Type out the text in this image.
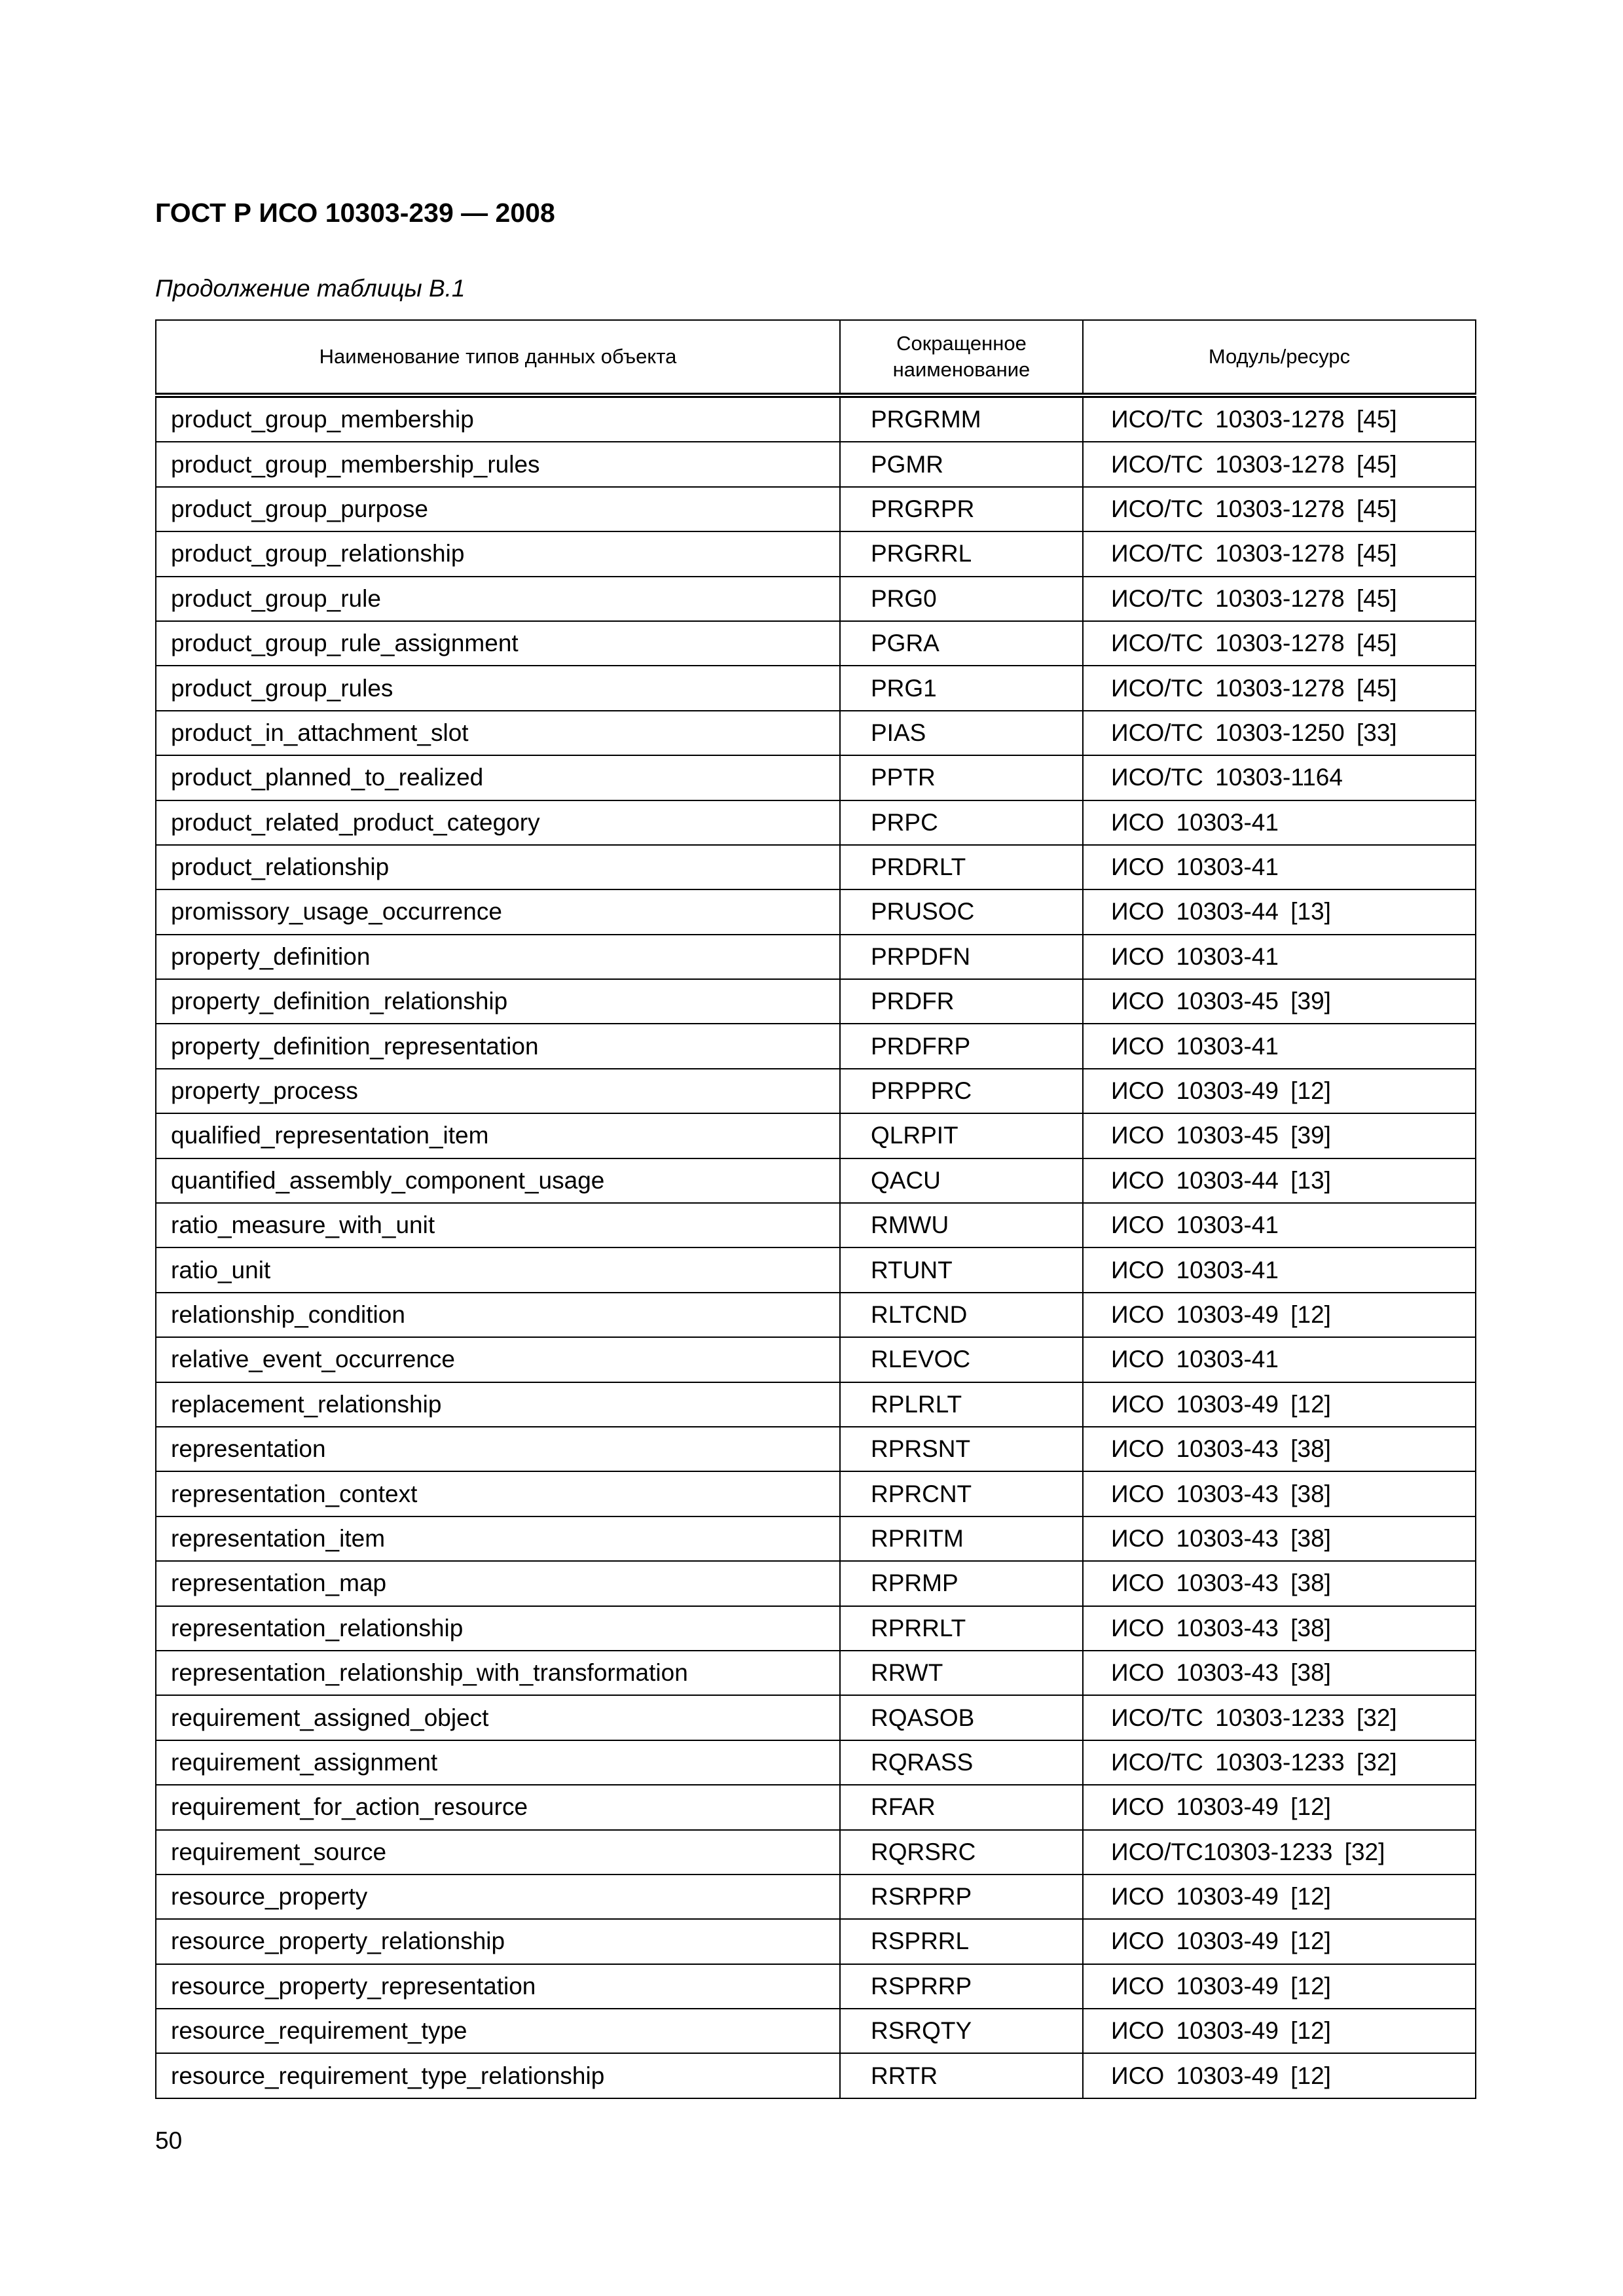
ГОСТ Р ИСО 10303-239 — 2008
Продолжение таблицы В.1
Наименование типов данных объекта	Сокращенное наименование	Модуль/ресурс
product_group_membership	PRGRMM	ИСО/ТС 10303-1278 [45]
product_group_membership_rules	PGMR	ИСО/ТС 10303-1278 [45]
product_group_purpose	PRGRPR	ИСО/ТС 10303-1278 [45]
product_group_relationship	PRGRRL	ИСО/ТС 10303-1278 [45]
product_group_rule	PRG0	ИСО/ТС 10303-1278 [45]
product_group_rule_assignment	PGRA	ИСО/ТС 10303-1278 [45]
product_group_rules	PRG1	ИСО/ТС 10303-1278 [45]
product_in_attachment_slot	PIAS	ИСО/ТС 10303-1250 [33]
product_planned_to_realized	PPTR	ИСО/ТС 10303-1164
product_related_product_category	PRPC	ИСО 10303-41
product_relationship	PRDRLT	ИСО 10303-41
promissory_usage_occurrence	PRUSOC	ИСО 10303-44 [13]
property_definition	PRPDFN	ИСО 10303-41
property_definition_relationship	PRDFR	ИСО 10303-45 [39]
property_definition_representation	PRDFRP	ИСО 10303-41
property_process	PRPPRC	ИСО 10303-49 [12]
qualified_representation_item	QLRPIT	ИСО 10303-45 [39]
quantified_assembly_component_usage	QACU	ИСО 10303-44 [13]
ratio_measure_with_unit	RMWU	ИСО 10303-41
ratio_unit	RTUNT	ИСО 10303-41
relationship_condition	RLTCND	ИСО 10303-49 [12]
relative_event_occurrence	RLEVOC	ИСО 10303-41
replacement_relationship	RPLRLT	ИСО 10303-49 [12]
representation	RPRSNT	ИСО 10303-43 [38]
representation_context	RPRCNT	ИСО 10303-43 [38]
representation_item	RPRITM	ИСО 10303-43 [38]
representation_map	RPRMP	ИСО 10303-43 [38]
representation_relationship	RPRRLT	ИСО 10303-43 [38]
representation_relationship_with_transformation	RRWT	ИСО 10303-43 [38]
requirement_assigned_object	RQASOB	ИСО/ТС 10303-1233 [32]
requirement_assignment	RQRASS	ИСО/ТС 10303-1233 [32]
requirement_for_action_resource	RFAR	ИСО 10303-49 [12]
requirement_source	RQRSRC	ИСО/ТС10303-1233 [32]
resource_property	RSRPRP	ИСО 10303-49 [12]
resource_property_relationship	RSPRRL	ИСО 10303-49 [12]
resource_property_representation	RSPRRP	ИСО 10303-49 [12]
resource_requirement_type	RSRQTY	ИСО 10303-49 [12]
resource_requirement_type_relationship	RRTR	ИСО 10303-49 [12]
50
